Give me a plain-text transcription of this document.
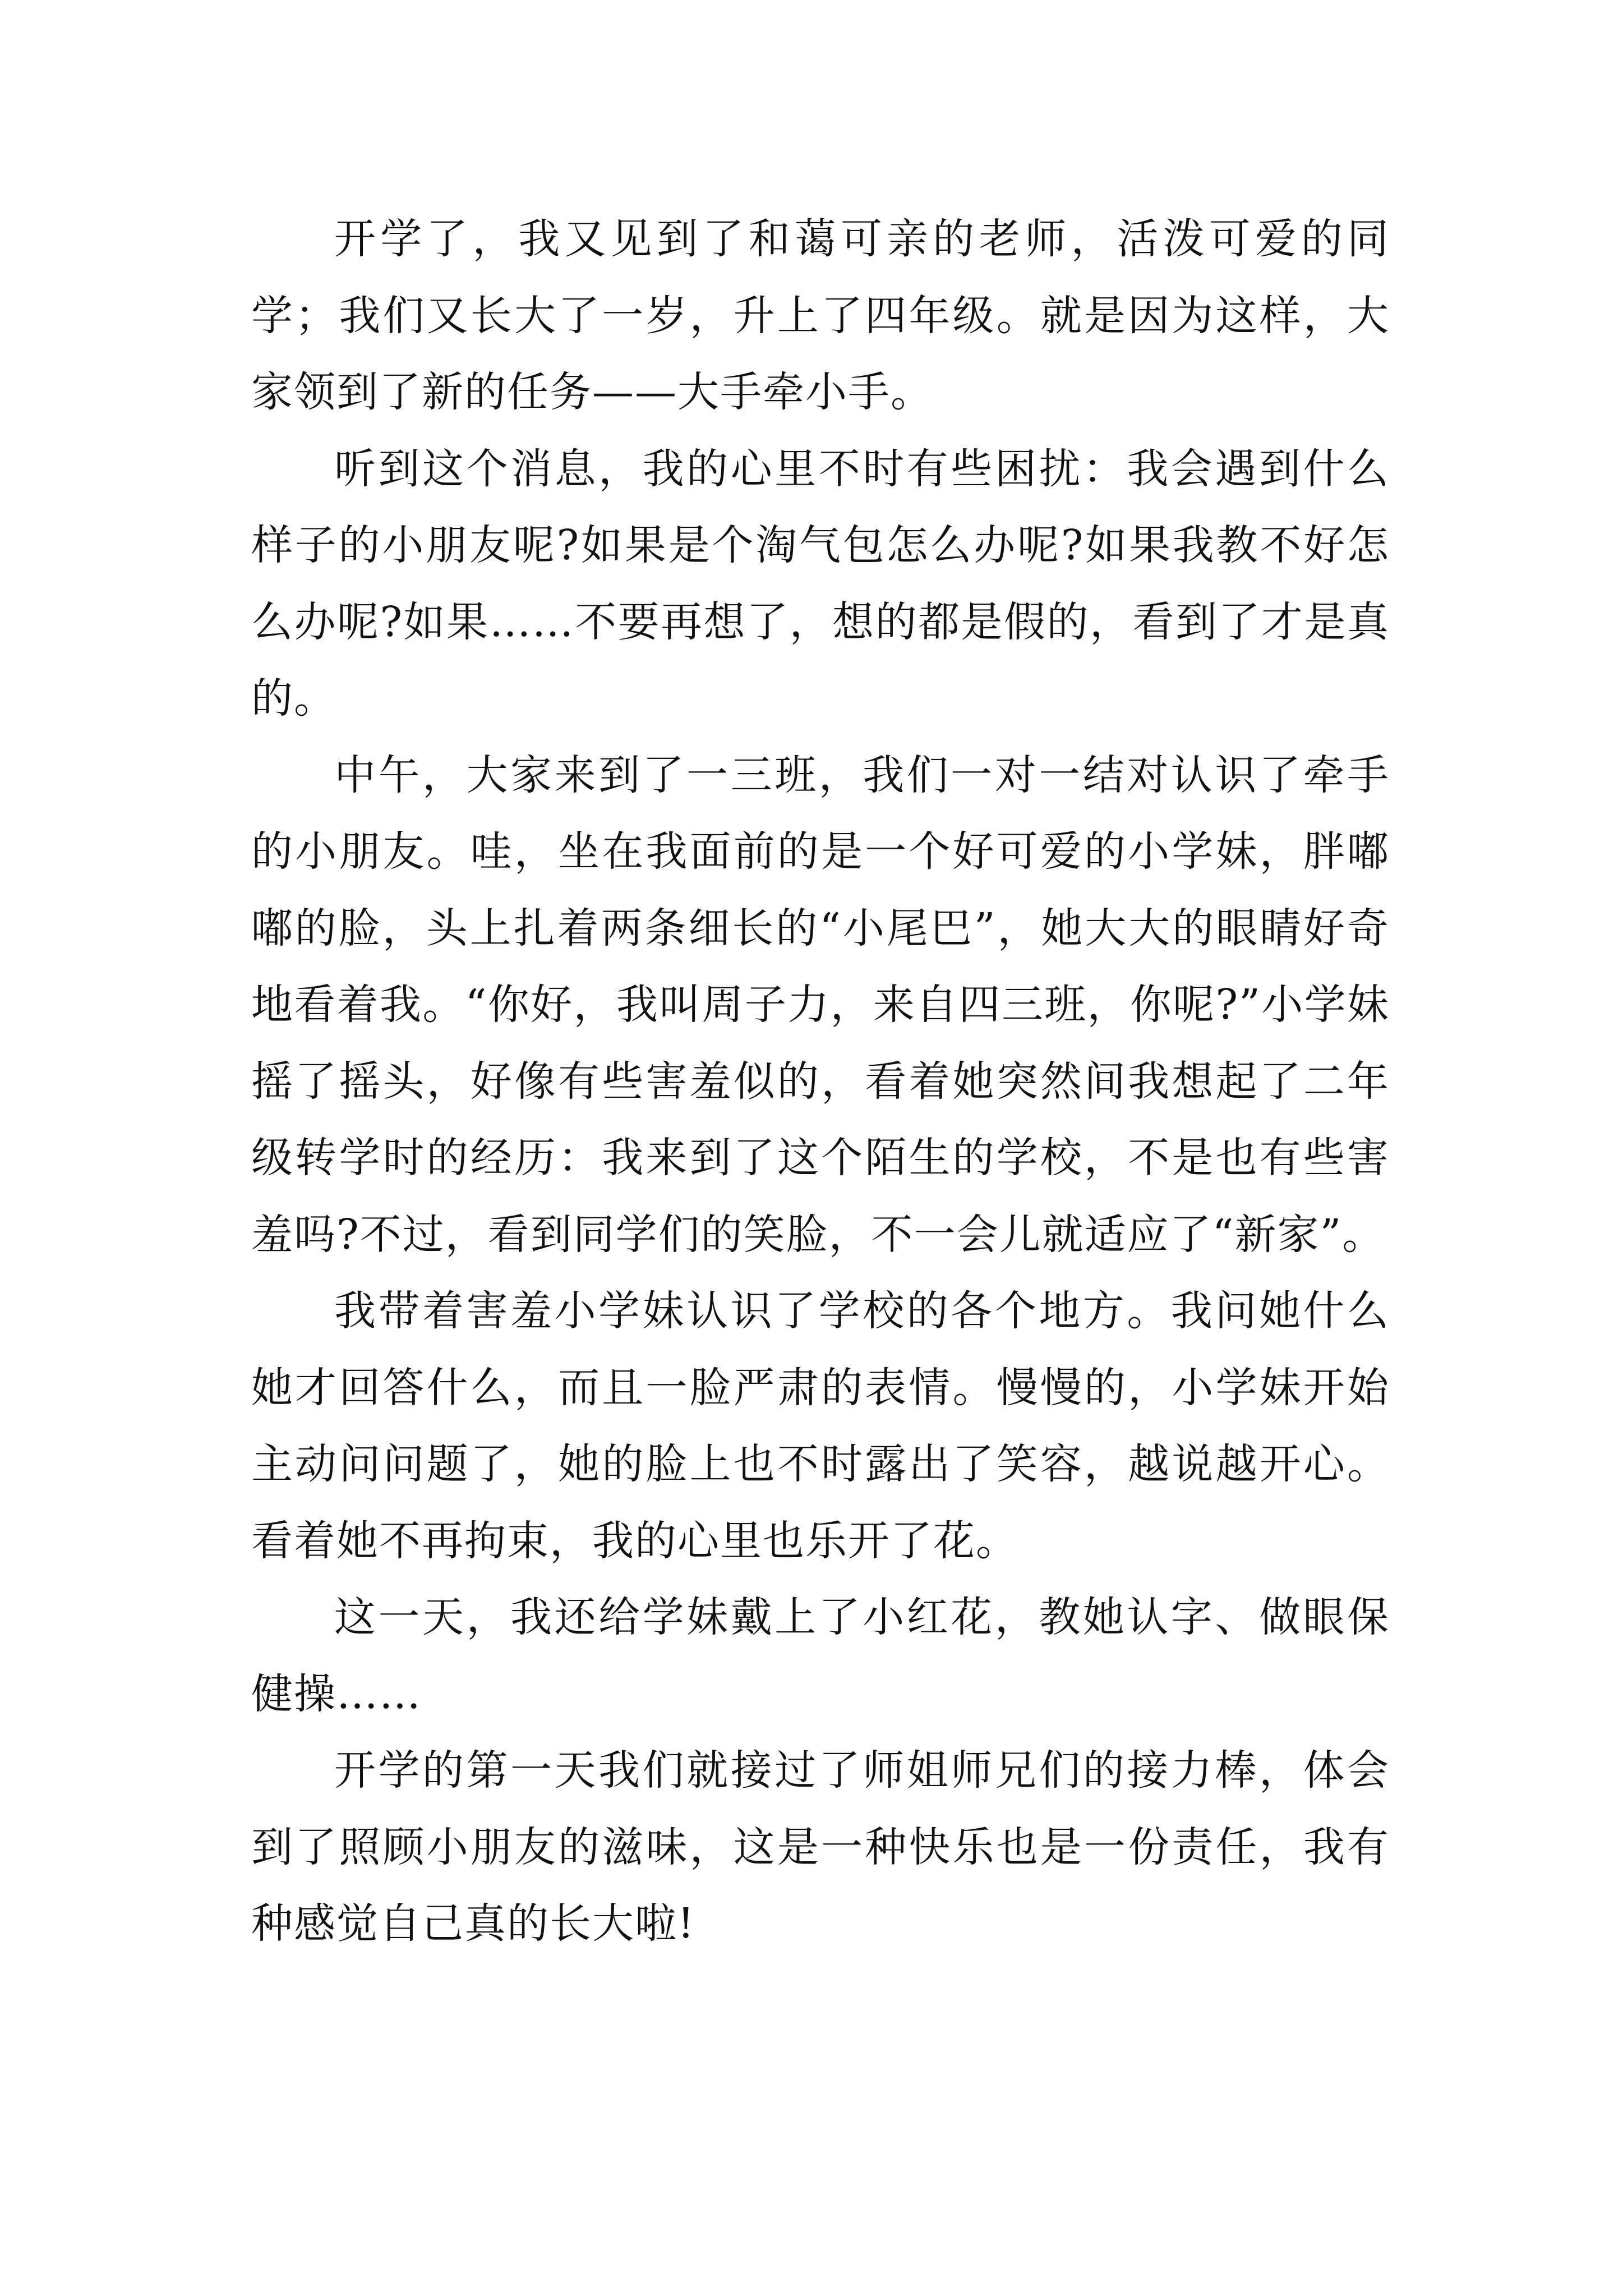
开学了，我又见到了和蔼可亲的老师，活泼可爱的同学；我们又长大了一岁，升上了四年级。就是因为这样，大家领到了新的任务——大手牵小手。

听到这个消息，我的心里不时有些困扰：我会遇到什么样子的小朋友呢?如果是个淘气包怎么办呢?如果我教不好怎么办呢?如果……不要再想了，想的都是假的，看到了才是真的。

中午，大家来到了一三班，我们一对一结对认识了牵手的小朋友。哇，坐在我面前的是一个好可爱的小学妹，胖嘟嘟的脸，头上扎着两条细长的“小尾巴”，她大大的眼睛好奇地看着我。“你好，我叫周子力，来自四三班，你呢?”小学妹摇了摇头，好像有些害羞似的，看着她突然间我想起了二年级转学时的经历：我来到了这个陌生的学校，不是也有些害羞吗?不过，看到同学们的笑脸，不一会儿就适应了“新家”。

我带着害羞小学妹认识了学校的各个地方。我问她什么她才回答什么，而且一脸严肃的表情。慢慢的，小学妹开始主动问问题了，她的脸上也不时露出了笑容，越说越开心。看着她不再拘束，我的心里也乐开了花。

这一天，我还给学妹戴上了小红花，教她认字、做眼保健操……

开学的第一天我们就接过了师姐师兄们的接力棒，体会到了照顾小朋友的滋味，这是一种快乐也是一份责任，我有种感觉自己真的长大啦!
